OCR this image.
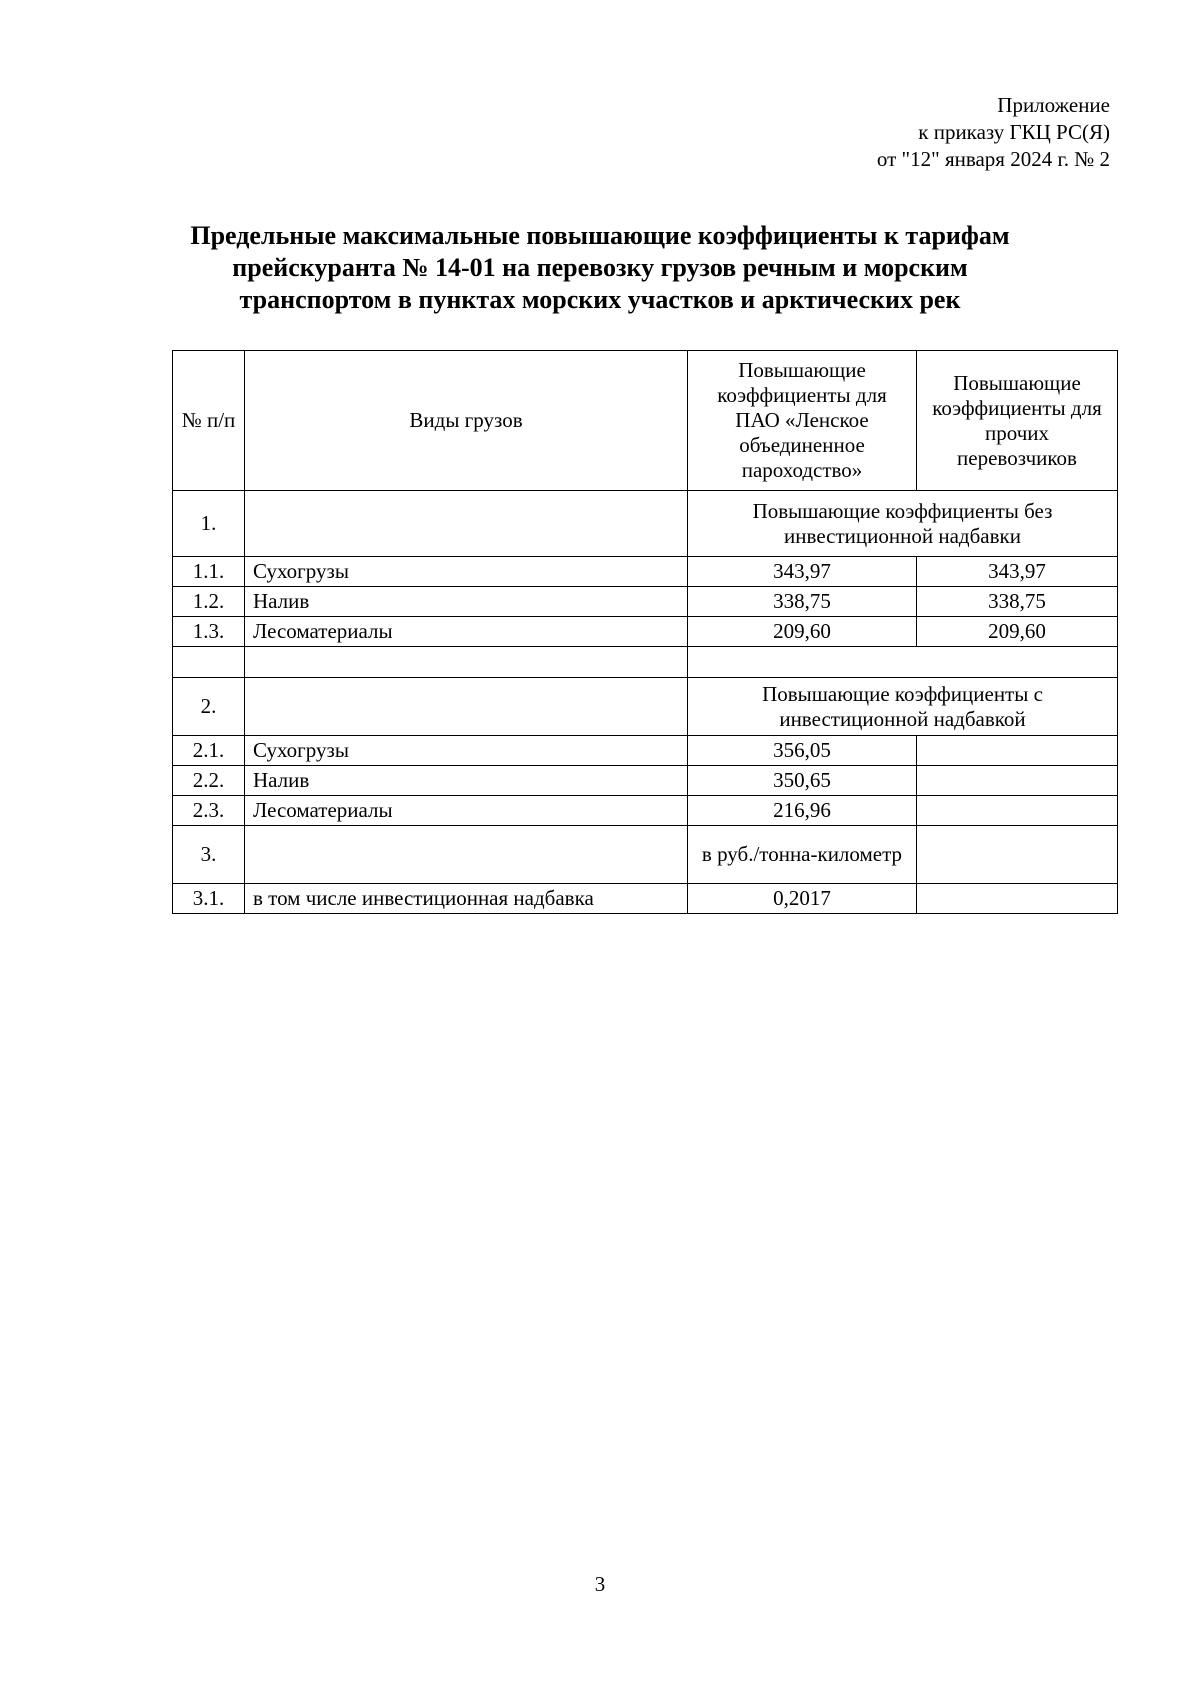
Приложение
к приказу ГКЦ РС(Я)
от "12" января 2024 г. № 2
Предельные максимальные повышающие коэффициенты к тарифам
прейскуранта № 14-01 на перевозку грузов речным и морским
транспортом в пунктах морских участков и арктических рек
№ п/п	Виды грузов	Повышающие коэффициенты для ПАО «Ленское объединенное пароходство»	Повышающие коэффициенты для прочих перевозчиков
1.		Повышающие коэффициенты без инвестиционной надбавки	
1.1.	Сухогрузы	343,97	343,97
1.2.	Налив	338,75	338,75
1.3.	Лесоматериалы	209,60	209,60

2.		Повышающие коэффициенты с инвестиционной надбавкой	
2.1.	Сухогрузы	356,05	
2.2.	Налив	350,65	
2.3.	Лесоматериалы	216,96	
3.		в руб./тонна-километр	
3.1.	в том числе инвестиционная надбавка	0,2017	
3
